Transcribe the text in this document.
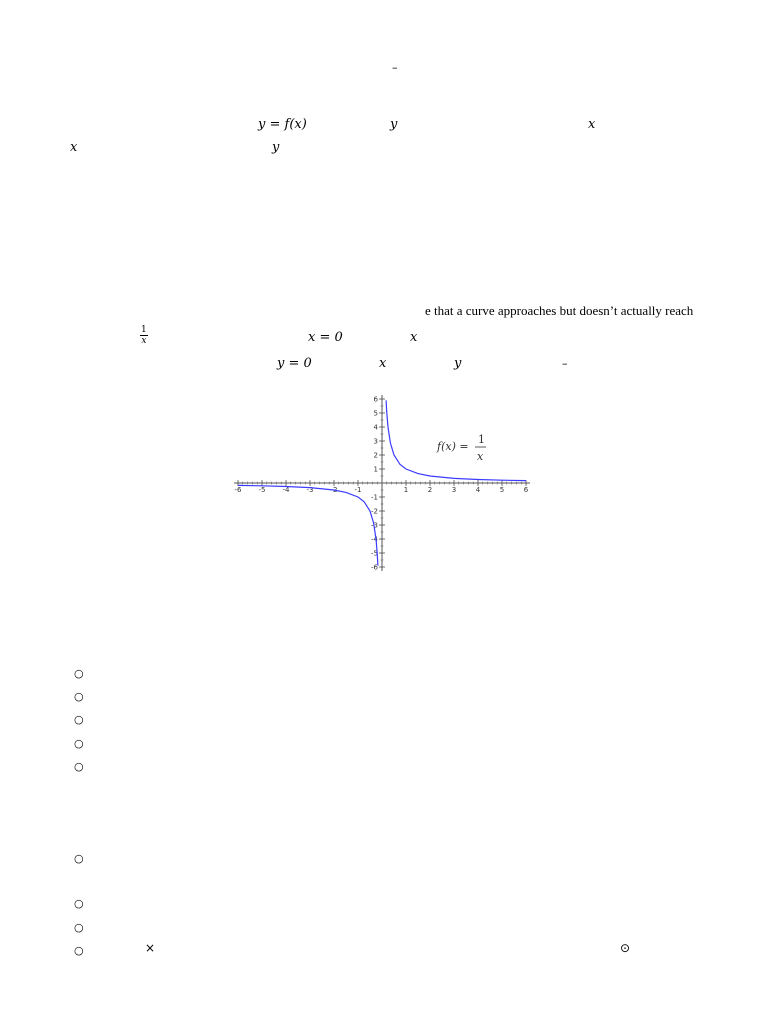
–
y = f(x)	y	x
x	y
e that a curve approaches but doesn’t actually reach
$\frac{1}{x}$	x = 0	x
y = 0	x	y	–
-6 -5 -4 -3 -2 -1	1	2	3	4	5	6
-6
-5
-4
-3
-2
-1
1
2
3
4
5
6
f(x) =
1
x
○
○
○
○
○
○
○
○
○	×	⊙
